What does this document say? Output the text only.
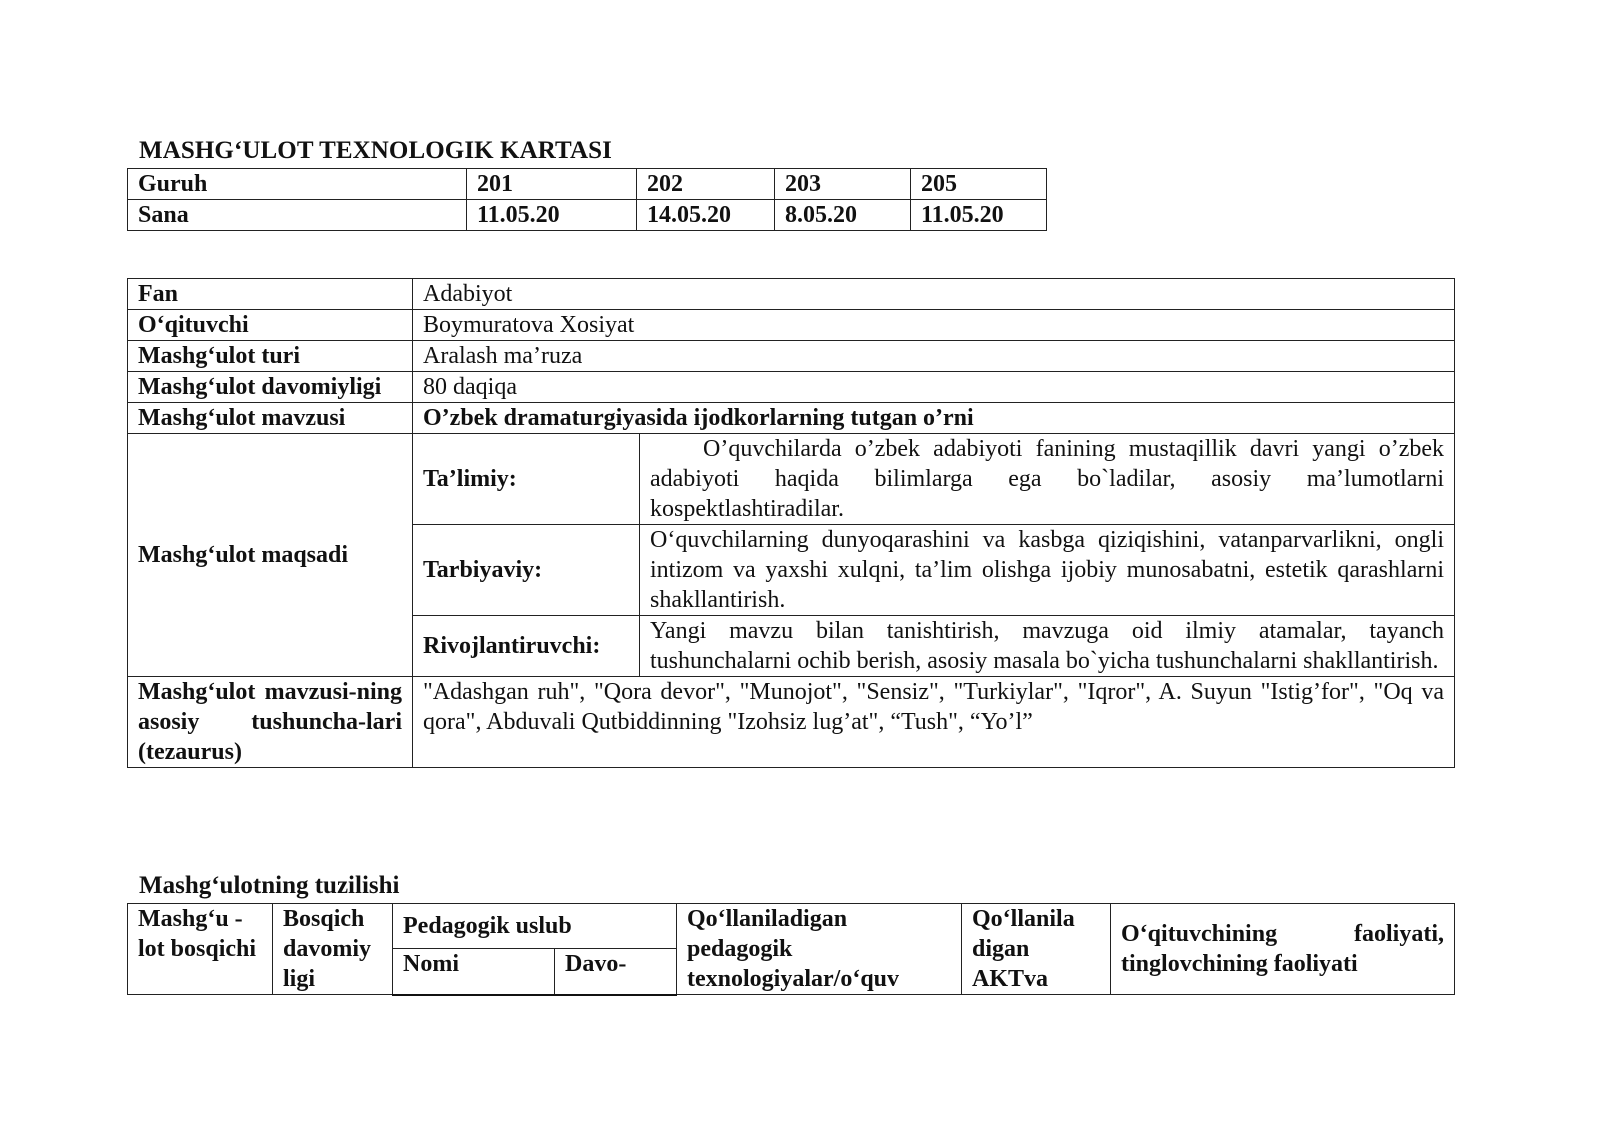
MASHG‘ULOT TEXNOLOGIK KARTASI
Guruh	201	202	203	205
Sana	11.05.20	14.05.20	8.05.20	11.05.20
Fan	Adabiyot	
O‘qituvchi	Boymuratova Xosiyat	
Mashg‘ulot turi	Aralash ma’ruza	
Mashg‘ulot davomiyligi	80 daqiqa	
Mashg‘ulot mavzusi	O’zbek dramaturgiyasida ijodkorlarning tutgan o’rni	
Mashg‘ulot maqsadi	Ta’limiy:	O’quvchilarda o’zbek adabiyoti fanining mustaqillik davri yangi o’zbek adabiyoti haqida bilimlarga ega bo`ladilar, asosiy ma’lumotlarni kospektlashtiradilar.
	Tarbiyaviy:	O‘quvchilarning dunyoqarashini va kasbga qiziqishini, vatanparvarlikni, ongli intizom va yaxshi xulqni, ta’lim olishga ijobiy munosabatni, estetik qarashlarni shakllantirish.
	Rivojlantiruvchi:	Yangi mavzu bilan tanishtirish, mavzuga oid ilmiy atamalar, tayanch tushunchalarni ochib berish, asosiy masala bo`yicha tushunchalarni shakllantirish.
Mashg‘ulot mavzusi-ning asosiy tushuncha-lari (tezaurus)	"Adashgan ruh", "Qora devor", "Munojot", "Sensiz", "Turkiylar", "Iqror", A. Suyun "Istig’for", "Oq va qora", Abduvali Qutbiddinning "Izohsiz lug’at", “Tush", “Yo’l”	
Mashg‘ulotning tuzilishi
Mashg‘u -lot bosqichi	Bosqich davomiy ligi	Pedagogik uslub		Qo‘llaniladigan pedagogik texnologiyalar/o‘quv	Qo‘llanila digan AKTva	O‘qituvchining faoliyati, tinglovchining faoliyati
		Nomi	Davo-			
